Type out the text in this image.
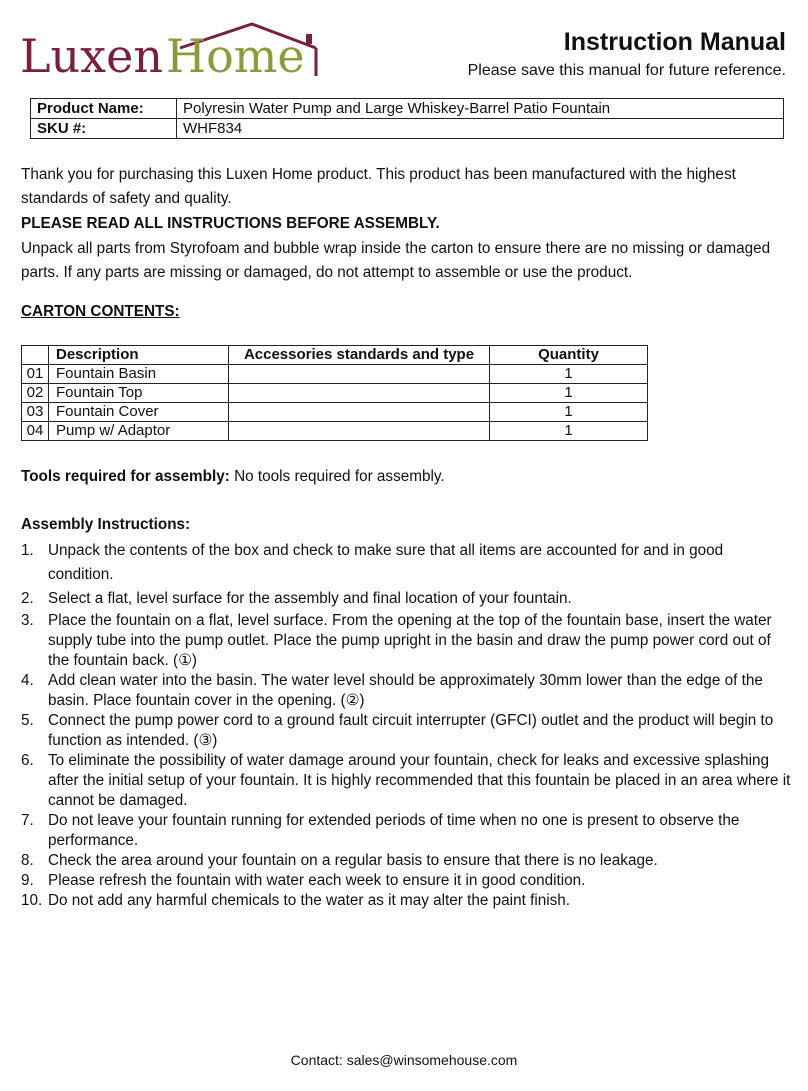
Luxen Home	Instruction Manual
Please save this manual for future reference.
Product Name:	Polyresin Water Pump and Large Whiskey-Barrel Patio Fountain
SKU #:	WHF834
Thank you for purchasing this Luxen Home product. This product has been manufactured with the highest standards of safety and quality.
PLEASE READ ALL INSTRUCTIONS BEFORE ASSEMBLY.
Unpack all parts from Styrofoam and bubble wrap inside the carton to ensure there are no missing or damaged parts. If any parts are missing or damaged, do not attempt to assemble or use the product.
CARTON CONTENTS:
	Description	Accessories standards and type	Quantity
01	Fountain Basin		1
02	Fountain Top		1
03	Fountain Cover		1
04	Pump w/ Adaptor		1
Tools required for assembly: No tools required for assembly.
Assembly Instructions:

1. Unpack the contents of the box and check to make sure that all items are accounted for and in good condition.

2. Select a flat, level surface for the assembly and final location of your fountain.

3. Place the fountain on a flat, level surface. From the opening at the top of the fountain base, insert the water supply tube into the pump outlet. Place the pump upright in the basin and draw the pump power cord out of the fountain back. (①)

4. Add clean water into the basin. The water level should be approximately 30mm lower than the edge of the basin. Place fountain cover in the opening. (②)

5. Connect the pump power cord to a ground fault circuit interrupter (GFCI) outlet and the product will begin to function as intended. (③)

6. To eliminate the possibility of water damage around your fountain, check for leaks and excessive splashing after the initial setup of your fountain. It is highly recommended that this fountain be placed in an area where it cannot be damaged.

7. Do not leave your fountain running for extended periods of time when no one is present to observe the performance.

8. Check the area around your fountain on a regular basis to ensure that there is no leakage.

9. Please refresh the fountain with water each week to ensure it in good condition.

10. Do not add any harmful chemicals to the water as it may alter the paint finish.

Contact: sales@winsomehouse.com
